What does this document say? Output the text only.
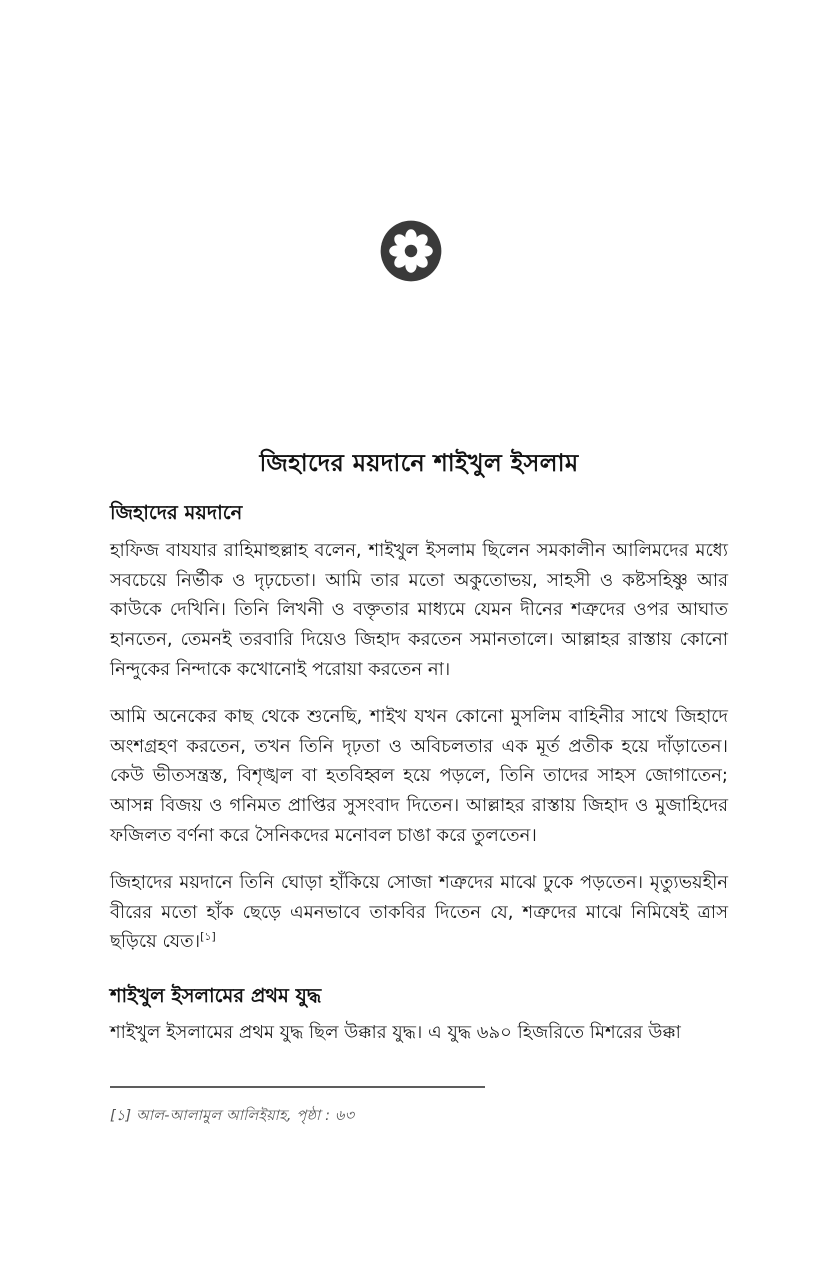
জিহাদের ময়দানে শাইখুল ইসলাম
জিহাদের ময়দানে

হাফিজ বাযযার রাহিমাহুল্লাহ বলেন, শাইখুল ইসলাম ছিলেন সমকালীন আলিমদের মধ্যে সবচেয়ে নির্ভীক ও দৃঢ়চেতা। আমি তার মতো অকুতোভয়, সাহসী ও কষ্টসহিষ্ণু আর কাউকে দেখিনি। তিনি লিখনী ও বক্তৃতার মাধ্যমে যেমন দীনের শত্রুদের ওপর আঘাত হানতেন, তেমনই তরবারি দিয়েও জিহাদ করতেন সমানতালে। আল্লাহর রাস্তায় কোনো নিন্দুকের নিন্দাকে কখোনোই পরোয়া করতেন না।

আমি অনেকের কাছ থেকে শুনেছি, শাইখ যখন কোনো মুসলিম বাহিনীর সাথে জিহাদে অংশগ্রহণ করতেন, তখন তিনি দৃঢ়তা ও অবিচলতার এক মূর্ত প্রতীক হয়ে দাঁড়াতেন। কেউ ভীতসন্ত্রস্ত, বিশৃঙ্খল বা হতবিহ্বল হয়ে পড়লে, তিনি তাদের সাহস জোগাতেন; আসন্ন বিজয় ও গনিমত প্রাপ্তির সুসংবাদ দিতেন। আল্লাহর রাস্তায় জিহাদ ও মুজাহিদের ফজিলত বর্ণনা করে সৈনিকদের মনোবল চাঙা করে তুলতেন।

জিহাদের ময়দানে তিনি ঘোড়া হাঁকিয়ে সোজা শত্রুদের মাঝে ঢুকে পড়তেন। মৃত্যুভয়হীন বীরের মতো হাঁক ছেড়ে এমনভাবে তাকবির দিতেন যে, শত্রুদের মাঝে নিমিষেই ত্রাস ছড়িয়ে যেত।[১]

শাইখুল ইসলামের প্রথম যুদ্ধ

শাইখুল ইসলামের প্রথম যুদ্ধ ছিল উক্কার যুদ্ধ। এ যুদ্ধ ৬৯০ হিজরিতে মিশরের উক্কা

[১] আল-আলামুল আলিইয়াহ, পৃষ্ঠা : ৬৩
